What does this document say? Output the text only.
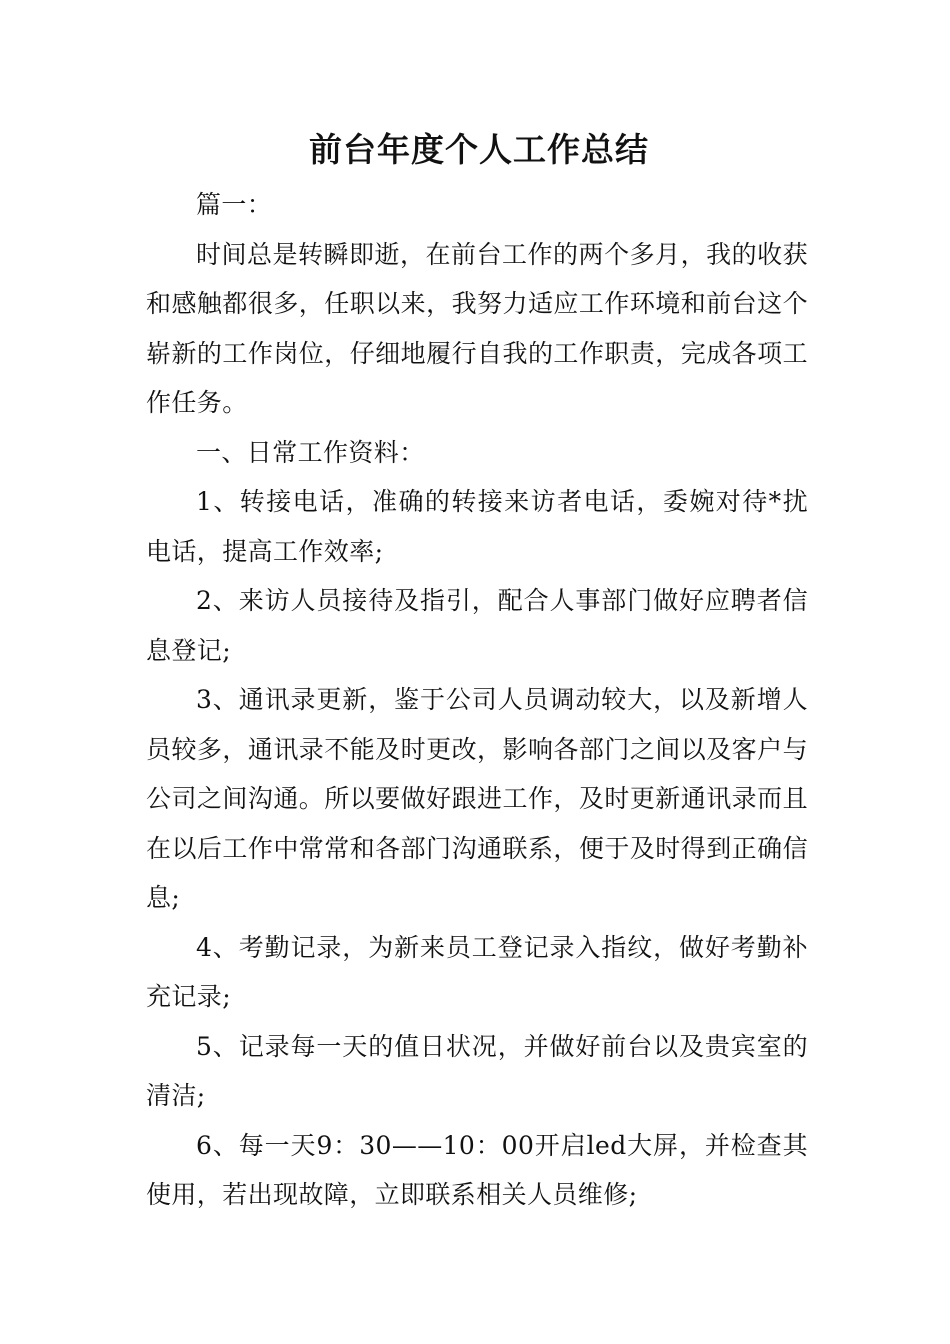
前台年度个人工作总结

篇一：

时间总是转瞬即逝，在前台工作的两个多月，我的收获和感触都很多，任职以来，我努力适应工作环境和前台这个崭新的工作岗位，仔细地履行自我的工作职责，完成各项工作任务。

一、日常工作资料：

1、转接电话，准确的转接来访者电话，委婉对待*扰电话，提高工作效率;

2、来访人员接待及指引，配合人事部门做好应聘者信息登记;

3、通讯录更新，鉴于公司人员调动较大，以及新增人员较多，通讯录不能及时更改，影响各部门之间以及客户与公司之间沟通。所以要做好跟进工作，及时更新通讯录而且在以后工作中常常和各部门沟通联系，便于及时得到正确信息;

4、考勤记录，为新来员工登记录入指纹，做好考勤补充记录;

5、记录每一天的值日状况，并做好前台以及贵宾室的清洁;

6、每一天9：30——10：00开启led大屏，并检查其使用，若出现故障，立即联系相关人员维修;
